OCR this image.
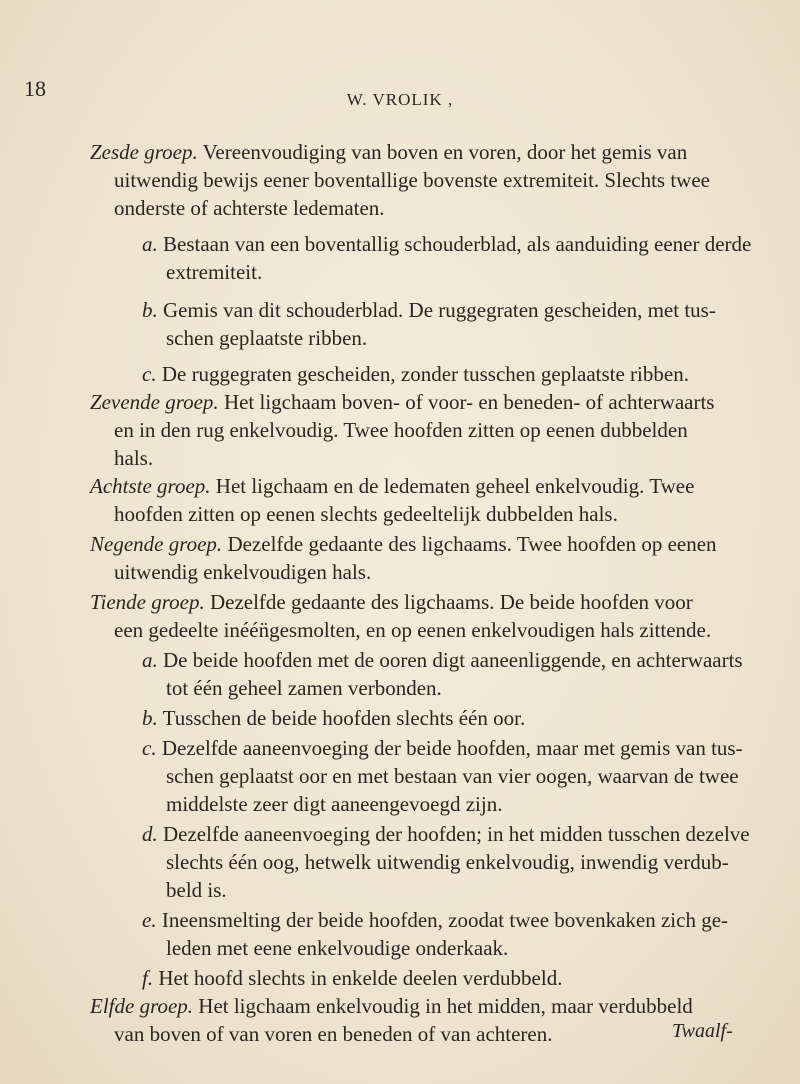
18	W. VROLIK ,
Zesde groep. Vereenvoudiging van boven en voren, door het gemis van
uitwendig bewijs eener boventallige bovenste extremiteit. Slechts twee
onderste of achterste ledematen.
a. Bestaan van een boventallig schouderblad, als aanduiding eener derde
extremiteit.
b. Gemis van dit schouderblad. De ruggegraten gescheiden, met tus-
schen geplaatste ribben.
c. De ruggegraten gescheiden, zonder tusschen geplaatste ribben.
Zevende groep. Het ligchaam boven- of voor- en beneden- of achterwaarts
en in den rug enkelvoudig. Twee hoofden zitten op eenen dubbelden
hals.
Achtste groep. Het ligchaam en de ledematen geheel enkelvoudig. Twee
hoofden zitten op eenen slechts gedeeltelijk dubbelden hals.
Negende groep. Dezelfde gedaante des ligchaams. Twee hoofden op eenen
uitwendig enkelvoudigen hals.
Tiende groep. Dezelfde gedaante des ligchaams. De beide hoofden voor
een gedeelte inéén̈gesmolten, en op eenen enkelvoudigen hals zittende.
a. De beide hoofden met de ooren digt aaneenliggende, en achterwaarts
tot één geheel zamen verbonden.
b. Tusschen de beide hoofden slechts één oor.
c. Dezelfde aaneenvoeging der beide hoofden, maar met gemis van tus-
schen geplaatst oor en met bestaan van vier oogen, waarvan de twee
middelste zeer digt aaneengevoegd zijn.
d. Dezelfde aaneenvoeging der hoofden; in het midden tusschen dezelve
slechts één oog, hetwelk uitwendig enkelvoudig, inwendig verdub-
beld is.
e. Ineensmelting der beide hoofden, zoodat twee bovenkaken zich ge-
leden met eene enkelvoudige onderkaak.
f. Het hoofd slechts in enkelde deelen verdubbeld.
Elfde groep. Het ligchaam enkelvoudig in het midden, maar verdubbeld
van boven of van voren en beneden of van achteren.	Twaalf-
